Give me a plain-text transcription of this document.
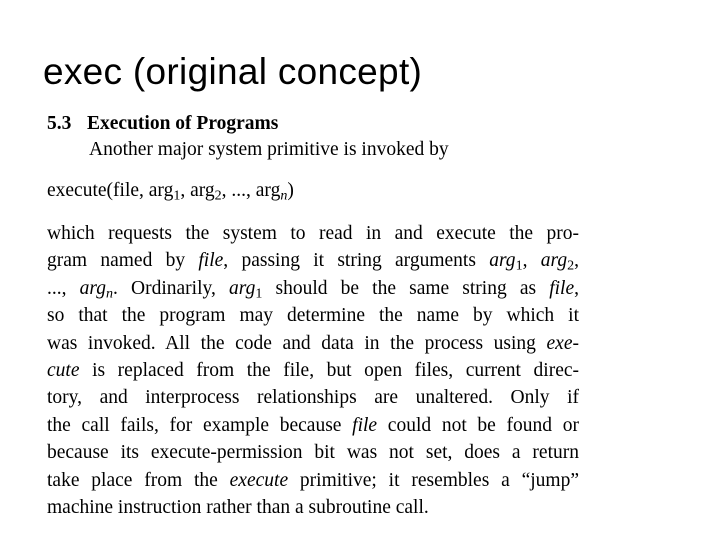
exec (original concept)
5.3 Execution of Programs
Another major system primitive is invoked by
execute(file, arg$_1$, arg$_2$, ..., arg$_n$)
which requests the system to read in and execute the pro-
gram named by file, passing it string arguments arg$_1$, arg$_2$,
..., arg$_n$. Ordinarily, arg$_1$ should be the same string as file,
so that the program may determine the name by which it
was invoked. All the code and data in the process using exe-
cute is replaced from the file, but open files, current direc-
tory, and interprocess relationships are unaltered. Only if
the call fails, for example because file could not be found or
because its execute-permission bit was not set, does a return
take place from the execute primitive; it resembles a “jump”
machine instruction rather than a subroutine call.
